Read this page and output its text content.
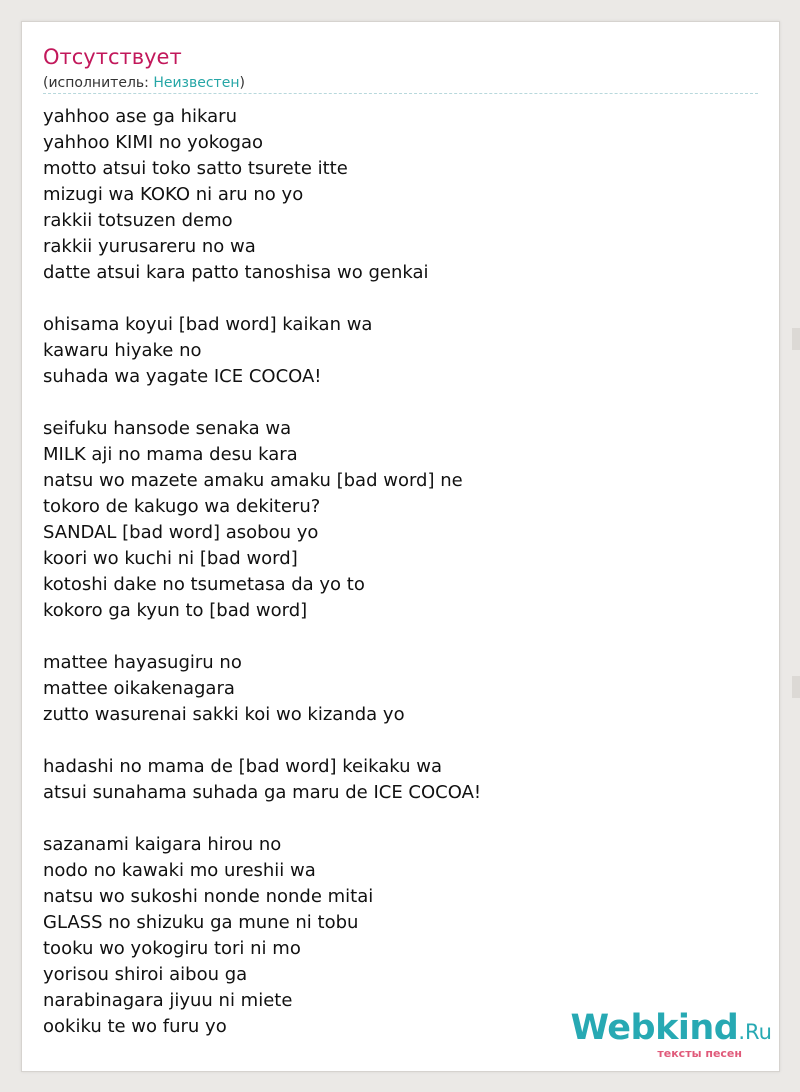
Отсутствует
(исполнитель: Неизвестен)
yahhoo ase ga hikaru
yahhoo KIMI no yokogao
motto atsui toko satto tsurete itte
mizugi wa KOKO ni aru no yo
rakkii totsuzen demo
rakkii yurusareru no wa
datte atsui kara patto tanoshisa wo genkai
ohisama koyui [bad word] kaikan wa
kawaru hiyake no
suhada wa yagate ICE COCOA!
seifuku hansode senaka wa
MILK aji no mama desu kara
natsu wo mazete amaku amaku [bad word] ne
tokoro de kakugo wa dekiteru?
SANDAL [bad word] asobou yo
koori wo kuchi ni [bad word]
kotoshi dake no tsumetasa da yo to
kokoro ga kyun to [bad word]
mattee hayasugiru no
mattee oikakenagara
zutto wasurenai sakki koi wo kizanda yo
hadashi no mama de [bad word] keikaku wa
atsui sunahama suhada ga maru de ICE COCOA!
sazanami kaigara hirou no
nodo no kawaki mo ureshii wa
natsu wo sukoshi nonde nonde mitai
GLASS no shizuku ga mune ni tobu
tooku wo yokogiru tori ni mo
yorisou shiroi aibou ga
narabinagara jiyuu ni miete
ookiku te wo furu yo	Webkind.Ru
тексты песен
